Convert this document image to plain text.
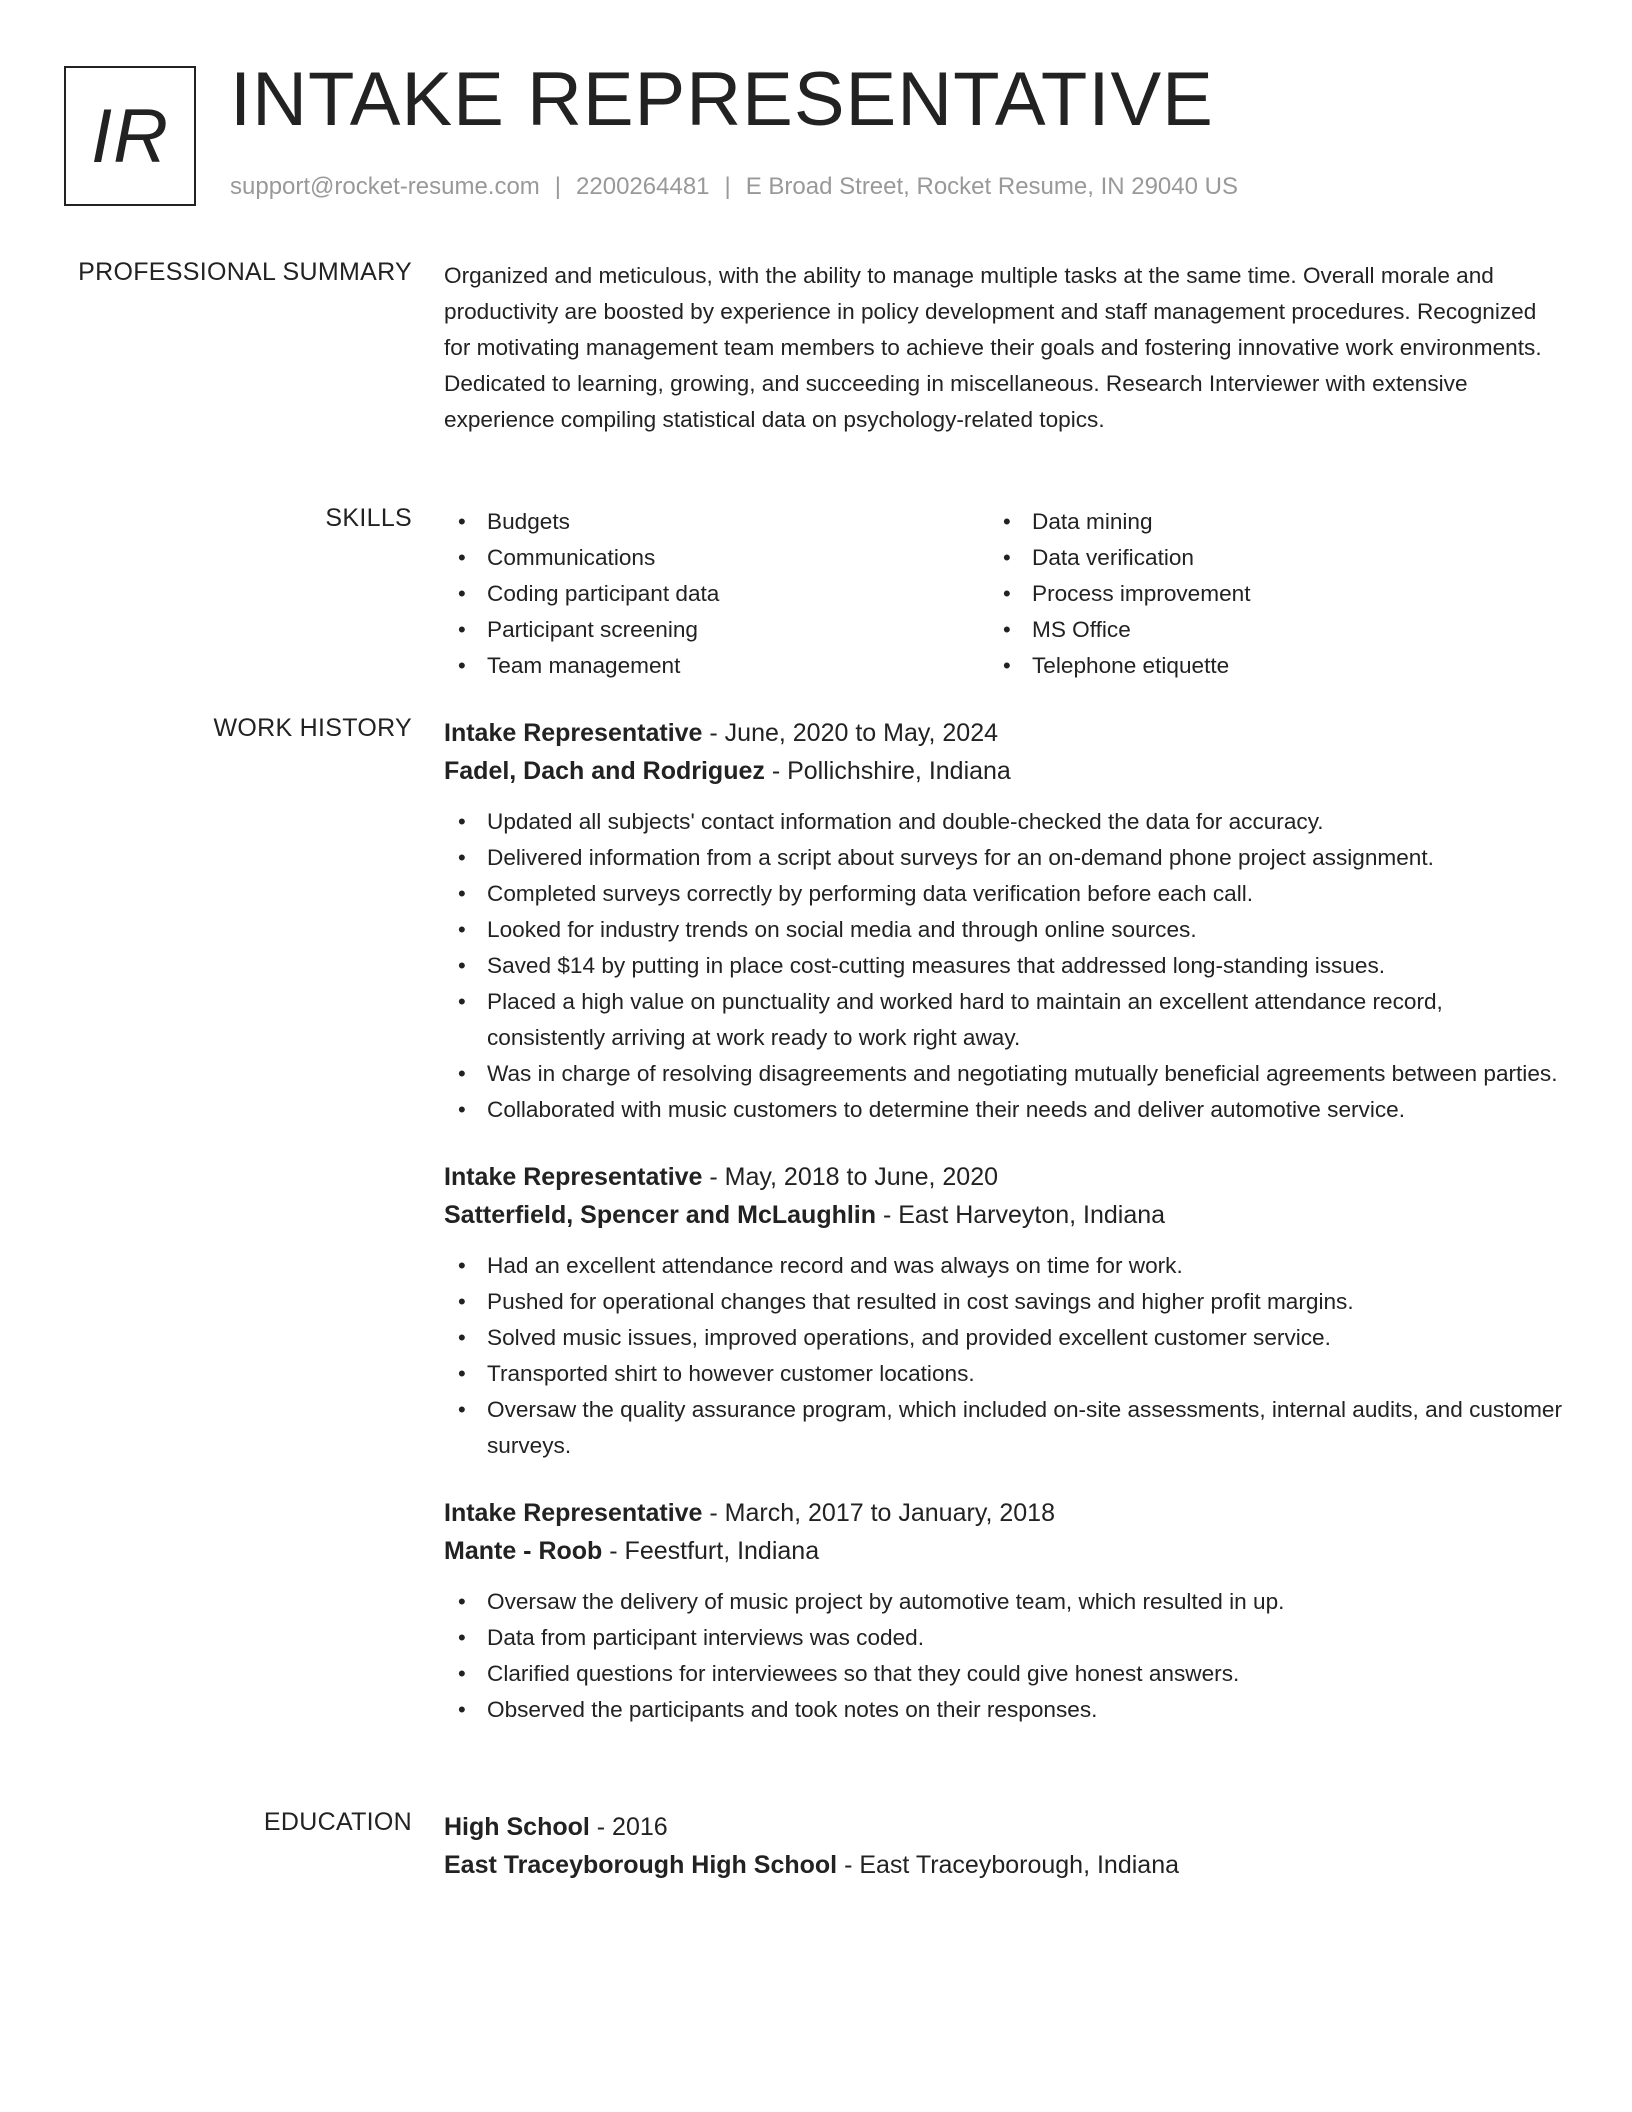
IR INTAKE REPRESENTATIVE
support@rocket-resume.com | 2200264481 | E Broad Street, Rocket Resume, IN 29040 US
PROFESSIONAL SUMMARY Organized and meticulous, with the ability to manage multiple tasks at the same time. Overall morale and productivity are boosted by experience in policy development and staff management procedures. Recognized for motivating management team members to achieve their goals and fostering innovative work environments. Dedicated to learning, growing, and succeeding in miscellaneous. Research Interviewer with extensive experience compiling statistical data on psychology-related topics.

SKILLS
•	Budgets
• Communications
• Coding participant data
• Participant screening
• Team management
• Data mining
• Data verification
• Process improvement
• MS Office
• Telephone etiquette
WORK HISTORY Intake Representative - June, 2020 to May, 2024
Fadel, Dach and Rodriguez - Pollichshire, Indiana
• Updated all subjects' contact information and double-checked the data for accuracy.
• Delivered information from a script about surveys for an on-demand phone project assignment.
• Completed surveys correctly by performing data verification before each call.
• Looked for industry trends on social media and through online sources.
• Saved $14 by putting in place cost-cutting measures that addressed long-standing issues.
• Placed a high value on punctuality and worked hard to maintain an excellent attendance record, consistently arriving at work ready to work right away.
• Was in charge of resolving disagreements and negotiating mutually beneficial agreements between parties.
• Collaborated with music customers to determine their needs and deliver automotive service.
Intake Representative - May, 2018 to June, 2020
Satterfield, Spencer and McLaughlin - East Harveyton, Indiana
• Had an excellent attendance record and was always on time for work.
• Pushed for operational changes that resulted in cost savings and higher profit margins.
• Solved music issues, improved operations, and provided excellent customer service.
• Transported shirt to however customer locations.
• Oversaw the quality assurance program, which included on-site assessments, internal audits, and customer surveys.
Intake Representative - March, 2017 to January, 2018
Mante - Roob - Feestfurt, Indiana
• Oversaw the delivery of music project by automotive team, which resulted in up.
• Data from participant interviews was coded.
• Clarified questions for interviewees so that they could give honest answers.
• Observed the participants and took notes on their responses.
EDUCATION High School - 2016
East Traceyborough High School - East Traceyborough, Indiana
